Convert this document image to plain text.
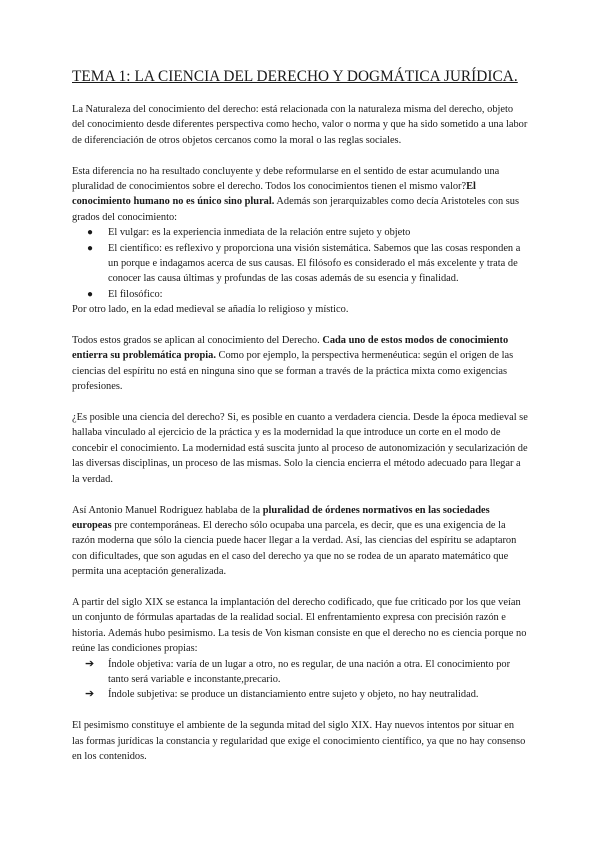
TEMA 1: LA CIENCIA DEL DERECHO Y DOGMÁTICA JURÍDICA.

La Naturaleza del conocimiento del derecho: está relacionada con la naturaleza misma del derecho, objeto del conocimiento desde diferentes perspectiva como hecho, valor o norma y que ha sido sometido a una labor de diferenciación de otros objetos cercanos como la moral o las reglas sociales.

Esta diferencia no ha resultado concluyente y debe reformularse en el sentido de estar acumulando una pluralidad de conocimientos sobre el derecho. Todos los conocimientos tienen el mismo valor?El conocimiento humano no es único sino plural. Además son jerarquizables como decía Aristoteles con sus grados del conocimiento:

● El vulgar: es la experiencia inmediata de la relación entre sujeto y objeto
● El científico: es reflexivo y proporciona una visión sistemática. Sabemos que las cosas responden a un porque e indagamos acerca de sus causas. El filósofo es considerado el más excelente y trata de conocer las causa últimas y profundas de las cosas además de su esencia y finalidad.
● El filosófico:

Por otro lado, en la edad medieval se añadía lo religioso y místico.

Todos estos grados se aplican al conocimiento del Derecho. Cada uno de estos modos de conocimiento entierra su problemática propia. Como por ejemplo, la perspectiva hermenéutica: según el origen de las ciencias del espíritu no está en ninguna sino que se forman a través de la práctica mixta como exigencias profesiones.

¿Es posible una ciencia del derecho? Si, es posible en cuanto a verdadera ciencia. Desde la época medieval se hallaba vinculado al ejercicio de la práctica y es la modernidad la que introduce un corte en el modo de concebir el conocimiento. La modernidad está suscita junto al proceso de autonomización y secularización de las diversas disciplinas, un proceso de las mismas. Solo la ciencia encierra el método adecuado para llegar a la verdad.

Así Antonio Manuel Rodriguez hablaba de la pluralidad de órdenes normativos en las sociedades europeas pre contemporáneas. El derecho sólo ocupaba una parcela, es decir, que es una exigencia de la razón moderna que sólo la ciencia puede hacer llegar a la verdad. Así, las ciencias del espíritu se adaptaron con dificultades, que son agudas en el caso del derecho ya que no se rodea de un aparato matemático que permita una aceptación generalizada.

A partir del siglo XIX se estanca la implantación del derecho codificado, que fue criticado por los que veían un conjunto de fórmulas apartadas de la realidad social. El enfrentamiento expresa con precisión razón e historia. Además hubo pesimismo. La tesis de Von kisman consiste en que el derecho no es ciencia porque no reúne las condiciones propias:

➔ Índole objetiva: varía de un lugar a otro, no es regular, de una nación a otra. El conocimiento por tanto será variable e inconstante,precario.
➔ Índole subjetiva: se produce un distanciamiento entre sujeto y objeto, no hay neutralidad.

El pesimismo constituye el ambiente de la segunda mitad del siglo XIX. Hay nuevos intentos por situar en las formas jurídicas la constancia y regularidad que exige el conocimiento científico, ya que no hay consenso en los contenidos.
